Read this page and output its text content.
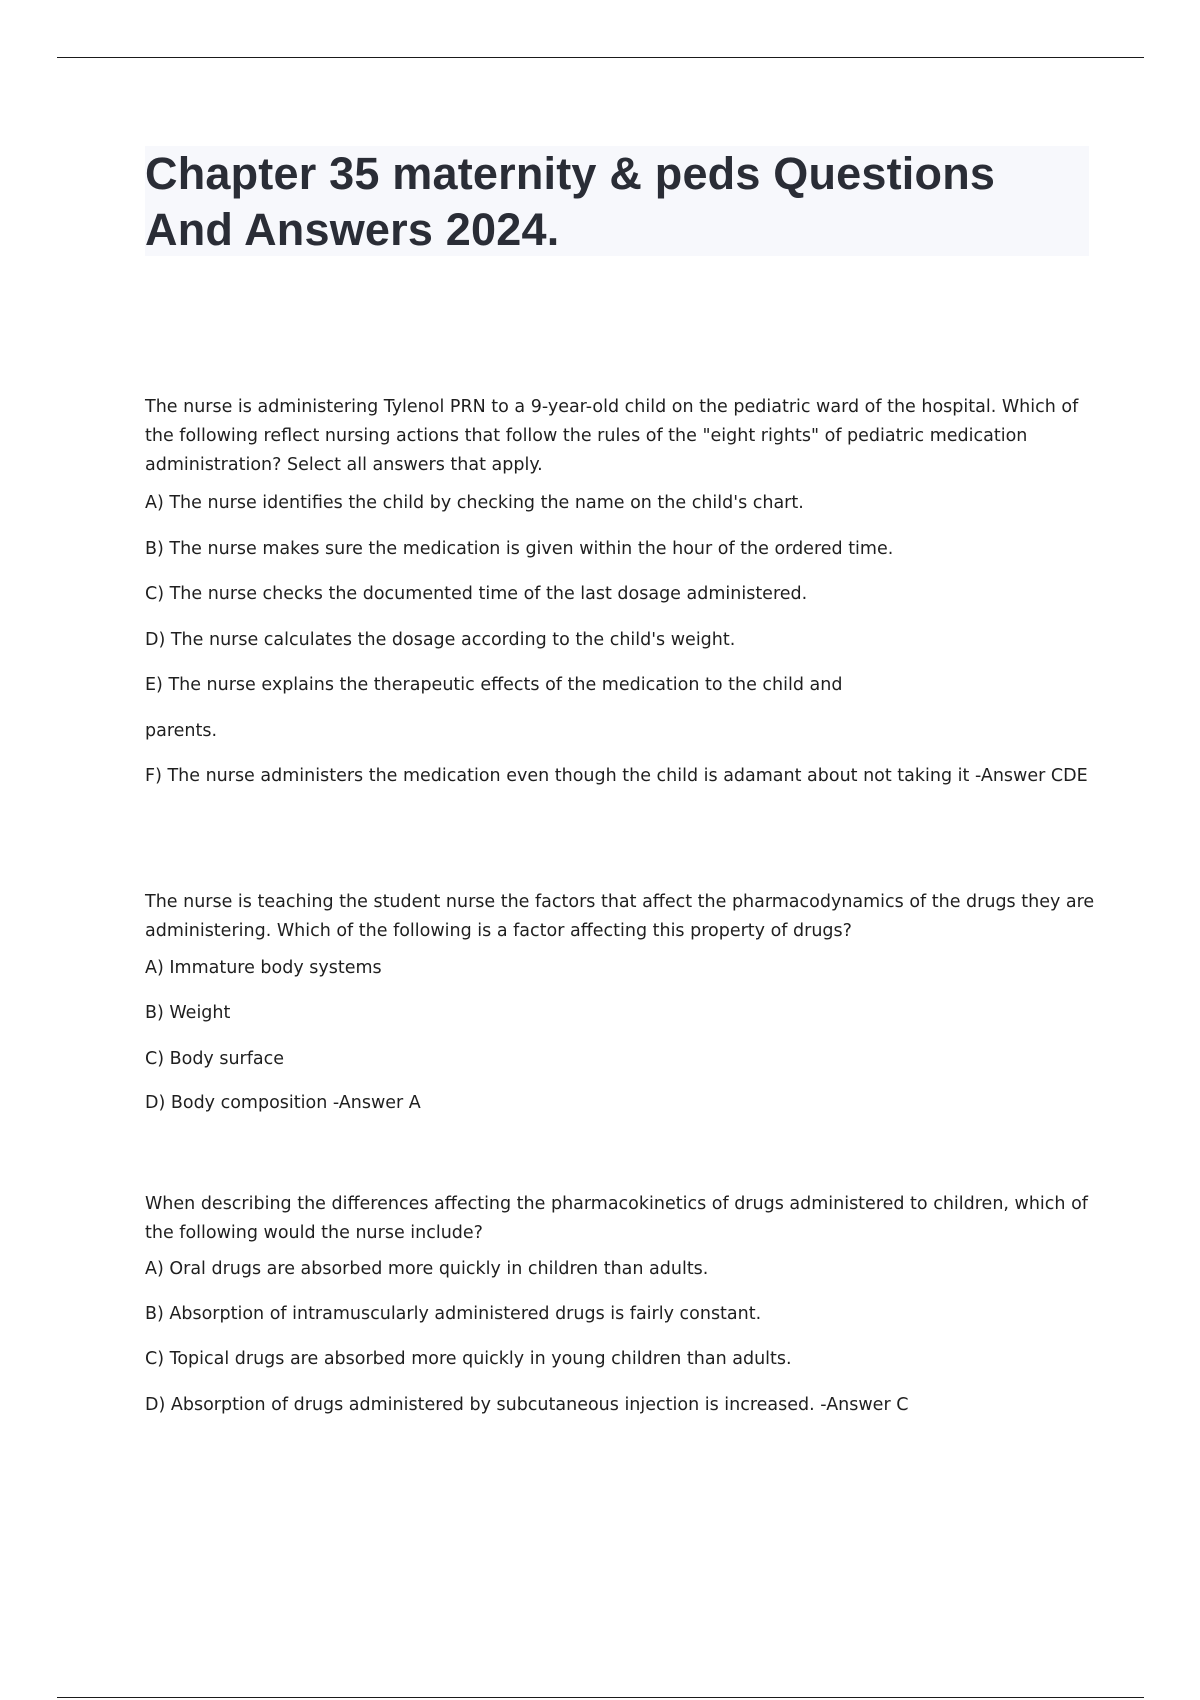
Chapter 35 maternity & peds Questions And Answers 2024.

The nurse is administering Tylenol PRN to a 9-year-old child on the pediatric ward of the hospital. Which of the following reflect nursing actions that follow the rules of the "eight rights" of pediatric medication administration? Select all answers that apply.

A) The nurse identifies the child by checking the name on the child's chart.

B) The nurse makes sure the medication is given within the hour of the ordered time.

C) The nurse checks the documented time of the last dosage administered.

D) The nurse calculates the dosage according to the child's weight.

E) The nurse explains the therapeutic effects of the medication to the child and

parents.

F) The nurse administers the medication even though the child is adamant about not taking it -Answer CDE

The nurse is teaching the student nurse the factors that affect the pharmacodynamics of the drugs they are administering. Which of the following is a factor affecting this property of drugs?

A) Immature body systems

B) Weight

C) Body surface

D) Body composition -Answer A

When describing the differences affecting the pharmacokinetics of drugs administered to children, which of the following would the nurse include?

A) Oral drugs are absorbed more quickly in children than adults.

B) Absorption of intramuscularly administered drugs is fairly constant.

C) Topical drugs are absorbed more quickly in young children than adults.

D) Absorption of drugs administered by subcutaneous injection is increased. -Answer C
